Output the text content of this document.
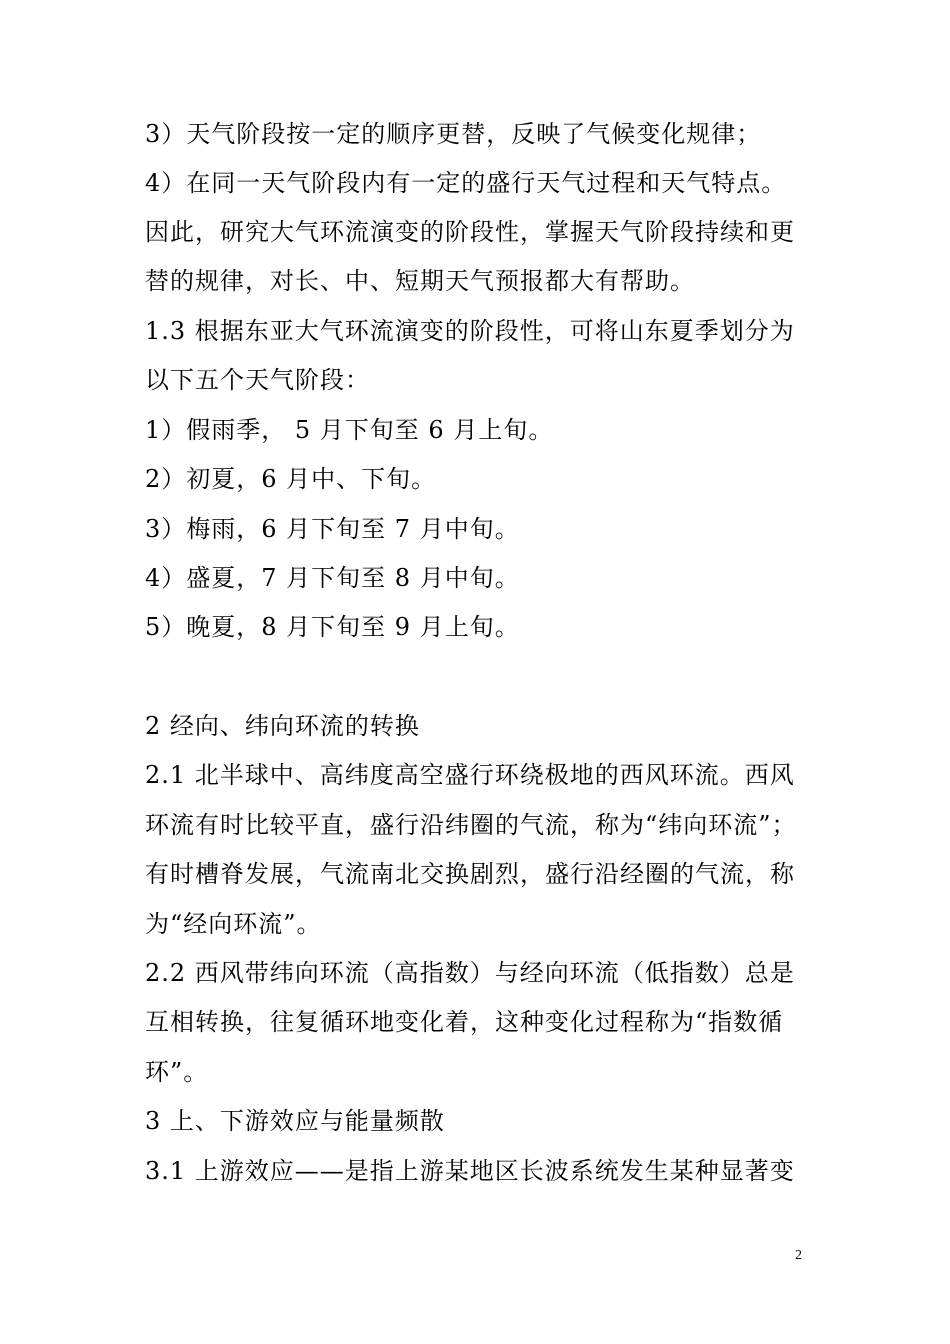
3）天气阶段按一定的顺序更替，反映了气候变化规律；
4）在同一天气阶段内有一定的盛行天气过程和天气特点。
因此，研究大气环流演变的阶段性，掌握天气阶段持续和更
替的规律，对长、中、短期天气预报都大有帮助。
1.3 根据东亚大气环流演变的阶段性，可将山东夏季划分为
以下五个天气阶段：
1）假雨季， 5 月下旬至 6 月上旬。
2）初夏，6 月中、下旬。
3）梅雨，6 月下旬至 7 月中旬。
4）盛夏，7 月下旬至 8 月中旬。
5）晚夏，8 月下旬至 9 月上旬。
2 经向、纬向环流的转换
2.1 北半球中、高纬度高空盛行环绕极地的西风环流。西风
环流有时比较平直，盛行沿纬圈的气流，称为“纬向环流”；
有时槽脊发展，气流南北交换剧烈，盛行沿经圈的气流，称
为“经向环流”。
2.2 西风带纬向环流（高指数）与经向环流（低指数）总是
互相转换，往复循环地变化着，这种变化过程称为“指数循
环”。
3 上、下游效应与能量频散
3.1 上游效应——是指上游某地区长波系统发生某种显著变
2
